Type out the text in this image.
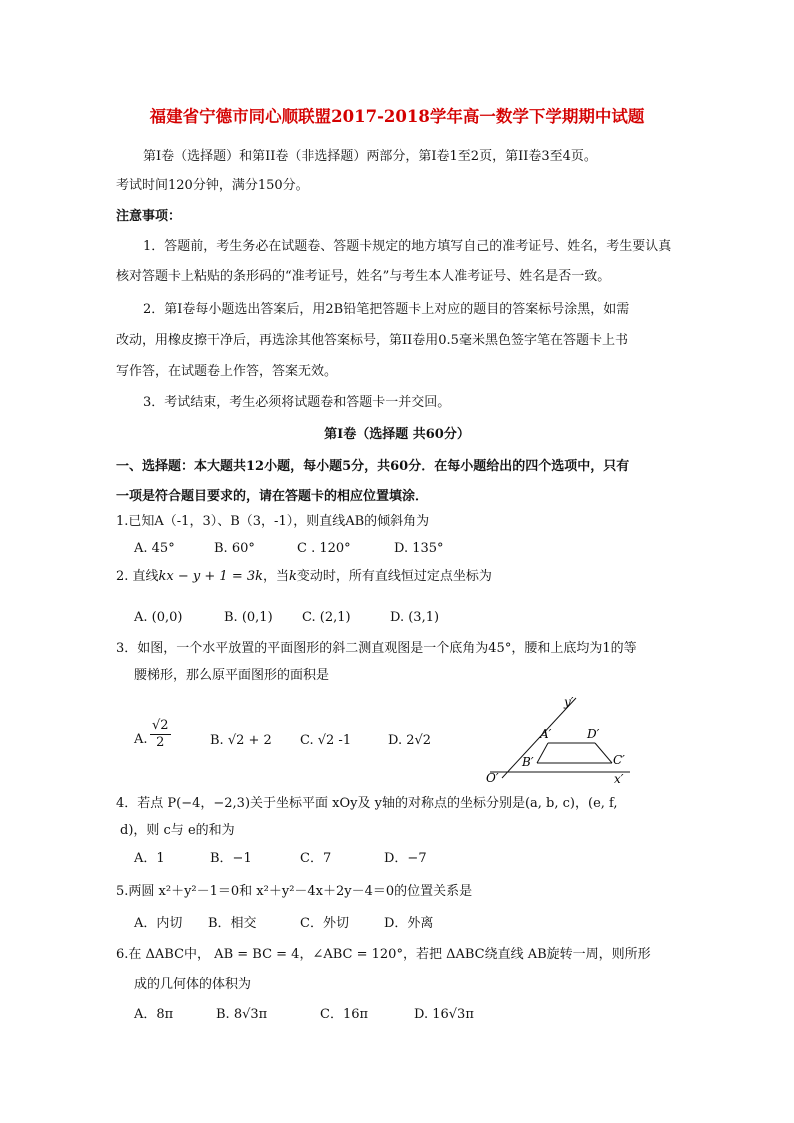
福建省宁德市同心顺联盟2017-2018学年高一数学下学期期中试题
第Ⅰ卷（选择题）和第II卷（非选择题）两部分，第Ⅰ卷1至2页，第II卷3至4页。
考试时间120分钟，满分150分。
注意事项：
1．答题前，考生务必在试题卷、答题卡规定的地方填写自己的准考证号、姓名，考生要认真
核对答题卡上粘贴的条形码的“准考证号，姓名”与考生本人准考证号、姓名是否一致。
2．第Ⅰ卷每小题选出答案后，用2B铅笔把答题卡上对应的题目的答案标号涂黑，如需
改动，用橡皮擦干净后，再选涂其他答案标号，第II卷用0.5毫米黑色签字笔在答题卡上书
写作答，在试题卷上作答，答案无效。
3．考试结束，考生必须将试题卷和答题卡一并交回。
第Ⅰ卷（选择题 共60分）
一、选择题：本大题共12小题，每小题5分，共60分．在每小题给出的四个选项中，只有
一项是符合题目要求的，请在答题卡的相应位置填涂．
1.已知A（-1，3）、B（3，-1），则直线AB的倾斜角为
A. 45°	B. 60°	C . 120°	D. 135°
2. 直线kx − y + 1 = 3k，当k变动时，所有直线恒过定点坐标为
A. (0,0)	B. (0,1) C. (2,1)	D. (3,1)
3．如图，一个水平放置的平面图形的斜二测直观图是一个底角为45°，腰和上底均为1的等
腰梯形，那么原平面图形的面积是
A. $\frac{√2}{2}$	B. √2 + 2 C. √2 -1	D. 2√2
y′
x′
O′
A′
B′	C′
D′
4．若点 P(−4，−2,3)关于坐标平面 xOy及 y轴的对称点的坐标分别是(a, b, c)，(e, f,
d)，则 c与 e的和为
A．1	B．−1	C．7	D．−7
5.两圆 x²＋y²－1＝0和 x²＋y²－4x＋2y－4＝0的位置关系是
A．内切 B．相交	C．外切	D．外离
6.在 ΔABC中， AB = BC = 4，∠ABC = 120°，若把 ΔABC绕直线 AB旋转一周，则所形
成的几何体的体积为
A．8π	B. 8√3π	C．16π	D. 16√3π
